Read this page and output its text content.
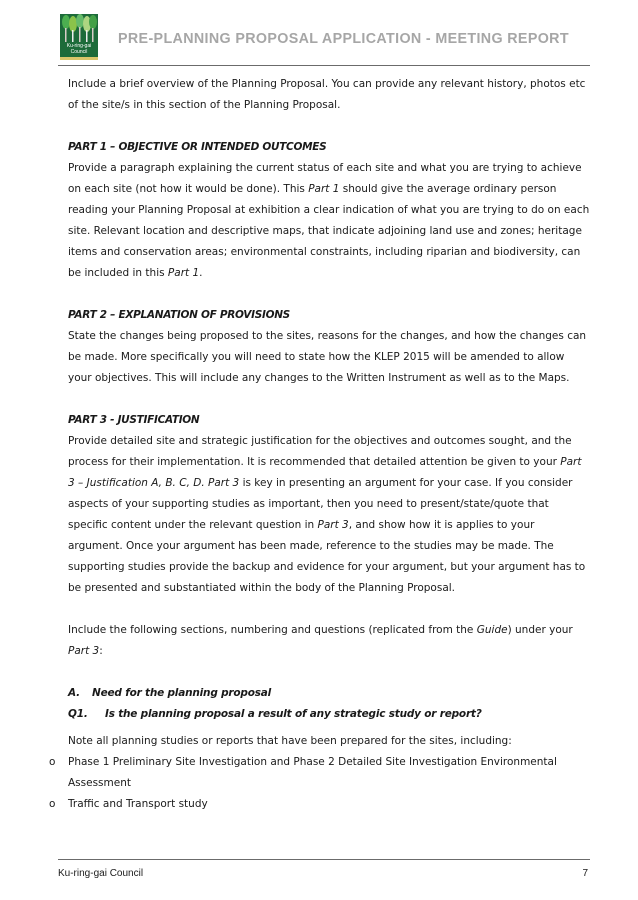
Ku-ring-gai Council
PRE-PLANNING PROPOSAL APPLICATION - MEETING REPORT

Include a brief overview of the Planning Proposal. You can provide any relevant history, photos etc of the site/s in this section of the Planning Proposal.

PART 1 – OBJECTIVE OR INTENDED OUTCOMES

Provide a paragraph explaining the current status of each site and what you are trying to achieve on each site (not how it would be done). This Part 1 should give the average ordinary person reading your Planning Proposal at exhibition a clear indication of what you are trying to do on each site. Relevant location and descriptive maps, that indicate adjoining land use and zones; heritage items and conservation areas; environmental constraints, including riparian and biodiversity, can be included in this Part 1.

PART 2 – EXPLANATION OF PROVISIONS

State the changes being proposed to the sites, reasons for the changes, and how the changes can be made. More specifically you will need to state how the KLEP 2015 will be amended to allow your objectives. This will include any changes to the Written Instrument as well as to the Maps.

PART 3 - JUSTIFICATION

Provide detailed site and strategic justification for the objectives and outcomes sought, and the process for their implementation. It is recommended that detailed attention be given to your Part 3 – Justification A, B. C, D. Part 3 is key in presenting an argument for your case. If you consider aspects of your supporting studies as important, then you need to present/state/quote that specific content under the relevant question in Part 3, and show how it is applies to your argument. Once your argument has been made, reference to the studies may be made. The supporting studies provide the backup and evidence for your argument, but your argument has to be presented and substantiated within the body of the Planning Proposal.

Include the following sections, numbering and questions (replicated from the Guide) under your Part 3:

A. Need for the planning proposal

Q1. Is the planning proposal a result of any strategic study or report?

Note all planning studies or reports that have been prepared for the sites, including:

o Phase 1 Preliminary Site Investigation and Phase 2 Detailed Site Investigation Environmental Assessment

o Traffic and Transport study

Ku-ring-gai Council	7
